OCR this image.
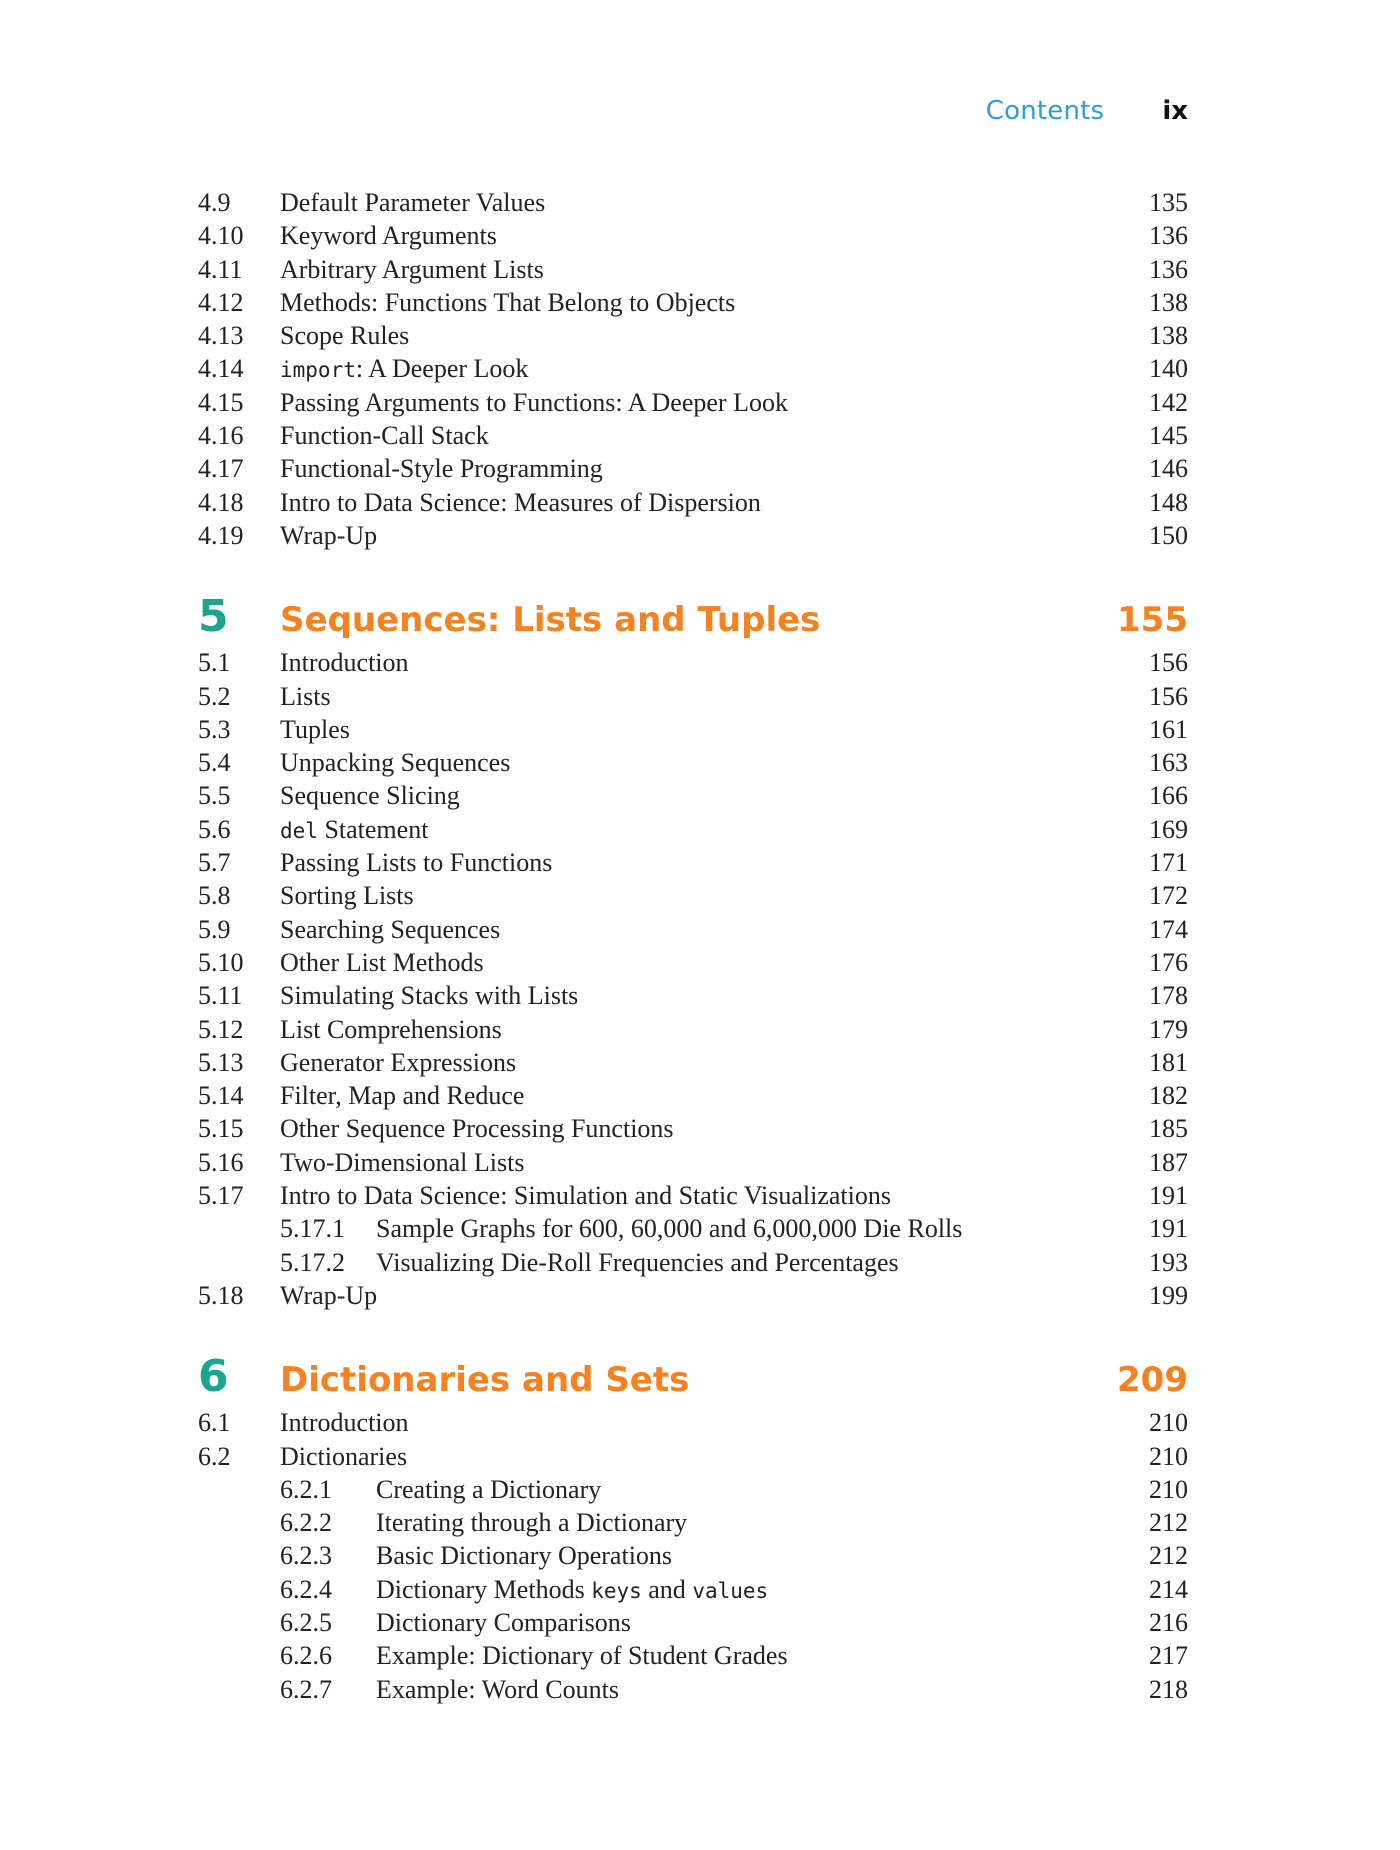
Contents ix
4.9 Default Parameter Values	135
4.10 Keyword Arguments	136
4.11 Arbitrary Argument Lists	136
4.12 Methods: Functions That Belong to Objects	138
4.13 Scope Rules	138
4.14 import: A Deeper Look	140
4.15 Passing Arguments to Functions: A Deeper Look	142
4.16 Function-Call Stack	145
4.17 Functional-Style Programming	146
4.18 Intro to Data Science: Measures of Dispersion	148
4.19 Wrap-Up	150
5 Sequences: Lists and Tuples	155
5.1 Introduction	156
5.2 Lists	156
5.3 Tuples	161
5.4 Unpacking Sequences	163
5.5 Sequence Slicing	166
5.6 del Statement	169
5.7 Passing Lists to Functions	171
5.8 Sorting Lists	172
5.9 Searching Sequences	174
5.10 Other List Methods	176
5.11 Simulating Stacks with Lists	178
5.12 List Comprehensions	179
5.13 Generator Expressions	181
5.14 Filter, Map and Reduce	182
5.15 Other Sequence Processing Functions	185
5.16 Two-Dimensional Lists	187
5.17 Intro to Data Science: Simulation and Static Visualizations	191
5.17.1 Sample Graphs for 600, 60,000 and 6,000,000 Die Rolls	191
5.17.2 Visualizing Die-Roll Frequencies and Percentages	193
5.18 Wrap-Up	199
6 Dictionaries and Sets	209
6.1 Introduction	210
6.2 Dictionaries	210
6.2.1 Creating a Dictionary	210
6.2.2 Iterating through a Dictionary	212
6.2.3 Basic Dictionary Operations	212
6.2.4 Dictionary Methods keys and values	214
6.2.5 Dictionary Comparisons	216
6.2.6 Example: Dictionary of Student Grades	217
6.2.7 Example: Word Counts	218
